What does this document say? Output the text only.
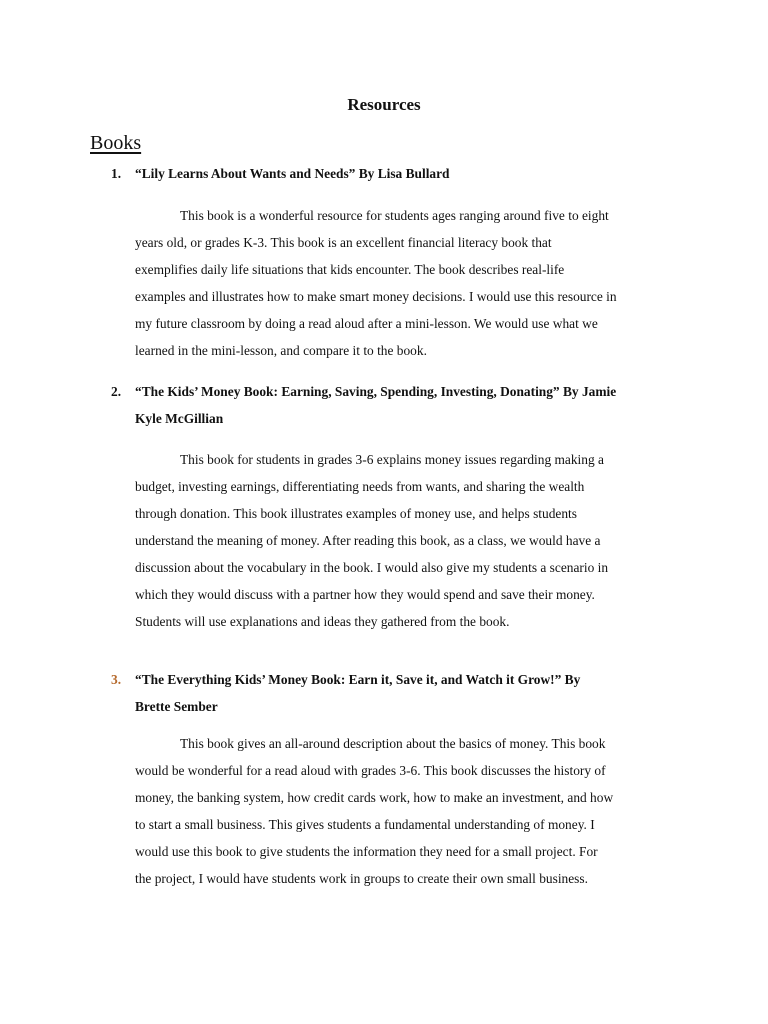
Resources
Books
1. “Lily Learns About Wants and Needs” By Lisa Bullard
This book is a wonderful resource for students ages ranging around five to eight
years old, or grades K-3. This book is an excellent financial literacy book that
exemplifies daily life situations that kids encounter. The book describes real-life
examples and illustrates how to make smart money decisions. I would use this resource in
my future classroom by doing a read aloud after a mini-lesson. We would use what we
learned in the mini-lesson, and compare it to the book.
2. “The Kids’ Money Book: Earning, Saving, Spending, Investing, Donating” By Jamie
Kyle McGillian
This book for students in grades 3-6 explains money issues regarding making a
budget, investing earnings, differentiating needs from wants, and sharing the wealth
through donation. This book illustrates examples of money use, and helps students
understand the meaning of money. After reading this book, as a class, we would have a
discussion about the vocabulary in the book. I would also give my students a scenario in
which they would discuss with a partner how they would spend and save their money.
Students will use explanations and ideas they gathered from the book.
3. “The Everything Kids’ Money Book: Earn it, Save it, and Watch it Grow!” By
Brette Sember
This book gives an all-around description about the basics of money. This book
would be wonderful for a read aloud with grades 3-6. This book discusses the history of
money, the banking system, how credit cards work, how to make an investment, and how
to start a small business. This gives students a fundamental understanding of money. I
would use this book to give students the information they need for a small project. For
the project, I would have students work in groups to create their own small business.
